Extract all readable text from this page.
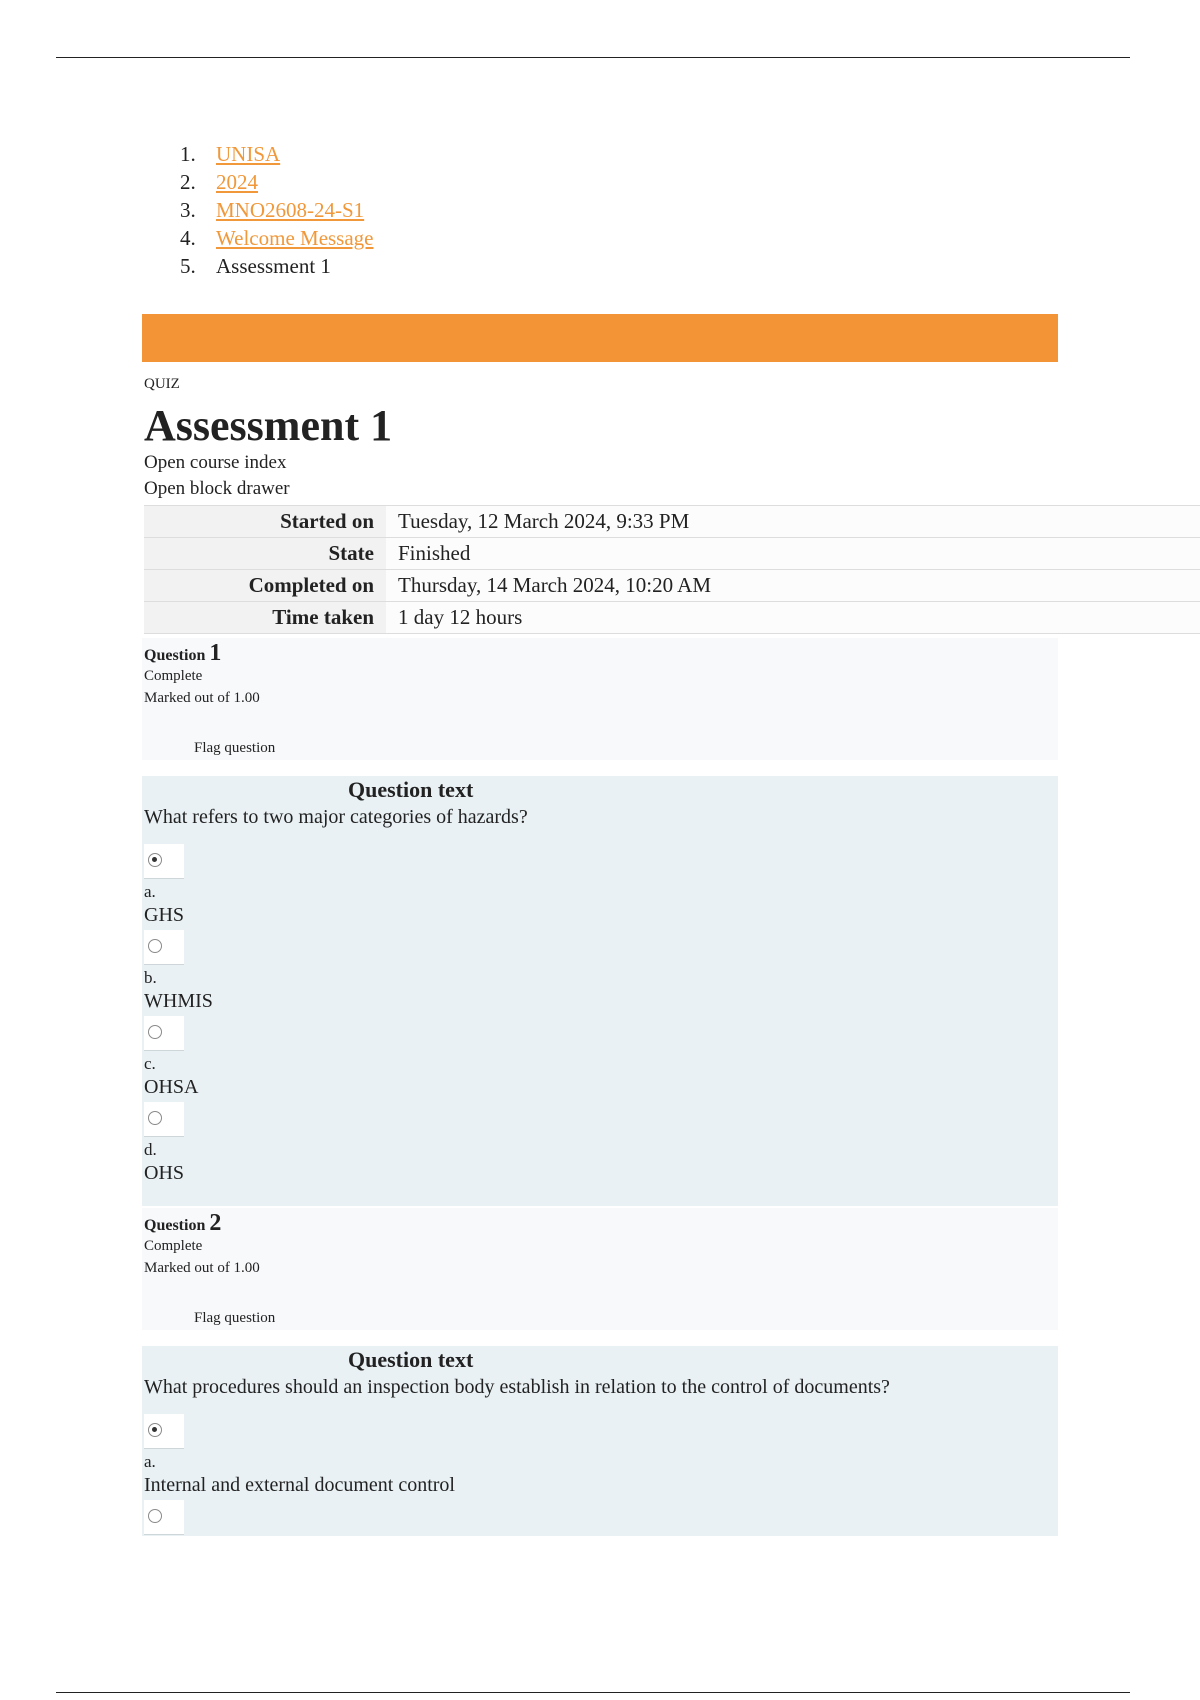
1. UNISA
2. 2024
3. MNO2608-24-S1
4. Welcome Message
5. Assessment 1
QUIZ
Assessment 1
Open course index
Open block drawer
Started on	Tuesday, 12 March 2024, 9:33 PM
State	Finished
Completed on	Thursday, 14 March 2024, 10:20 AM
Time taken	1 day 12 hours
Question 1
Complete
Marked out of 1.00
Flag question
Question text
What refers to two major categories of hazards?
a.
GHS
b.
WHMIS
c.
OHSA
d.
OHS
Question 2
Complete
Marked out of 1.00
Flag question
Question text
What procedures should an inspection body establish in relation to the control of documents?
a.
Internal and external document control
